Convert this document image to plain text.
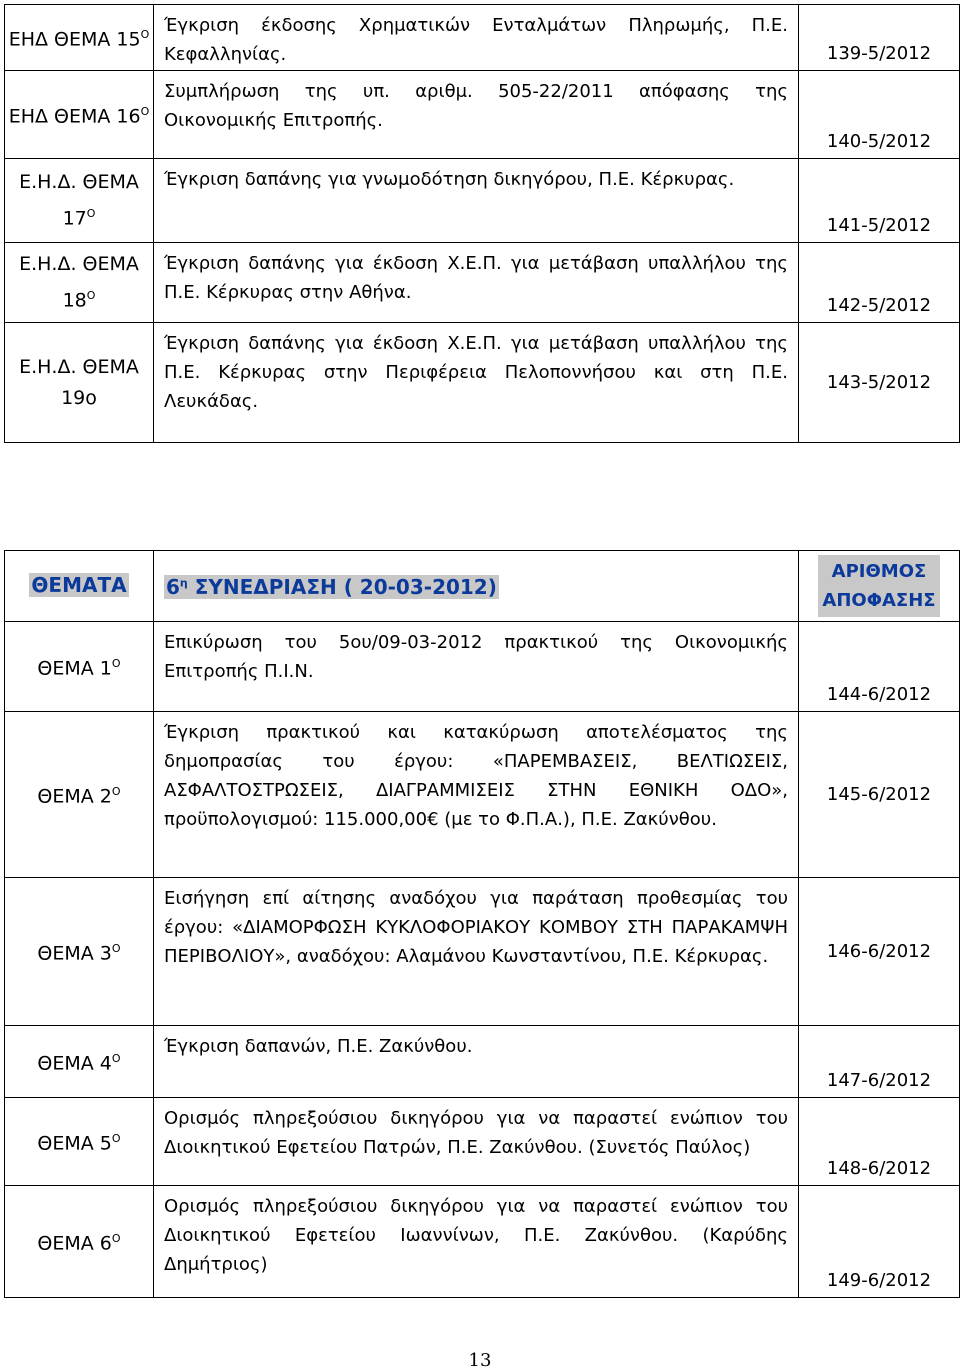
ΕΗΔ ΘΕΜΑ $15^O$	Έγκριση έκδοσης Χρηματικών Ενταλμάτων Πληρωμής, Π.Ε. Κεφαλληνίας.	139-5/2012
ΕΗΔ ΘΕΜΑ $16^O$	Συμπλήρωση της υπ. αριθμ. 505-22/2011 απόφασης της Οικονομικής Επιτροπής.	140-5/2012
Ε.Η.Δ. ΘΕΜΑ $17^O$	Έγκριση δαπάνης για γνωμοδότηση δικηγόρου, Π.Ε. Κέρκυρας.	141-5/2012
Ε.Η.Δ. ΘΕΜΑ $18^O$	Έγκριση δαπάνης για έκδοση Χ.Ε.Π. για μετάβαση υπαλλήλου της Π.Ε. Κέρκυρας στην Αθήνα.	142-5/2012
Ε.Η.Δ. ΘΕΜΑ 19ο	Έγκριση δαπάνης για έκδοση Χ.Ε.Π. για μετάβαση υπαλλήλου της Π.Ε. Κέρκυρας στην Περιφέρεια Πελοποννήσου και στη Π.Ε. Λευκάδας.	143-5/2012
ΘΕΜΑΤΑ	$6^\eta$ ΣΥΝΕΔΡΙΑΣΗ ( 20-03-2012)	ΑΡΙΘΜΟΣ
ΑΠΟΦΑΣΗΣ
ΘΕΜΑ $1^O$	Επικύρωση του 5ου/09-03-2012 πρακτικού της Οικονομικής Επιτροπής Π.Ι.Ν.	144-6/2012
ΘΕΜΑ $2^O$	Έγκριση πρακτικού και κατακύρωση αποτελέσματος της δημοπρασίας του έργου: «ΠΑΡΕΜΒΑΣΕΙΣ, ΒΕΛΤΙΩΣΕΙΣ, ΑΣΦΑΛΤΟΣΤΡΩΣΕΙΣ, ΔΙΑΓΡΑΜΜΙΣΕΙΣ ΣΤΗΝ ΕΘΝΙΚΗ ΟΔΟ», προϋπολογισμού: 115.000,00€ (με το Φ.Π.Α.), Π.Ε. Ζακύνθου.	145-6/2012
ΘΕΜΑ $3^O$	Εισήγηση επί αίτησης αναδόχου για παράταση προθεσμίας του έργου: «ΔΙΑΜΟΡΦΩΣΗ ΚΥΚΛΟΦΟΡΙΑΚΟΥ ΚΟΜΒΟΥ ΣΤΗ ΠΑΡΑΚΑΜΨΗ ΠΕΡΙΒΟΛΙΟΥ», αναδόχου: Αλαμάνου Κωνσταντίνου, Π.Ε. Κέρκυρας.	146-6/2012
ΘΕΜΑ $4^O$	Έγκριση δαπανών, Π.Ε. Ζακύνθου.	147-6/2012
ΘΕΜΑ $5^O$	Ορισμός πληρεξούσιου δικηγόρου για να παραστεί ενώπιον του Διοικητικού Εφετείου Πατρών, Π.Ε. Ζακύνθου. (Συνετός Παύλος)	148-6/2012
ΘΕΜΑ $6^O$	Ορισμός πληρεξούσιου δικηγόρου για να παραστεί ενώπιον του Διοικητικού Εφετείου Ιωαννίνων, Π.Ε. Ζακύνθου. (Καρύδης Δημήτριος)	149-6/2012
13
